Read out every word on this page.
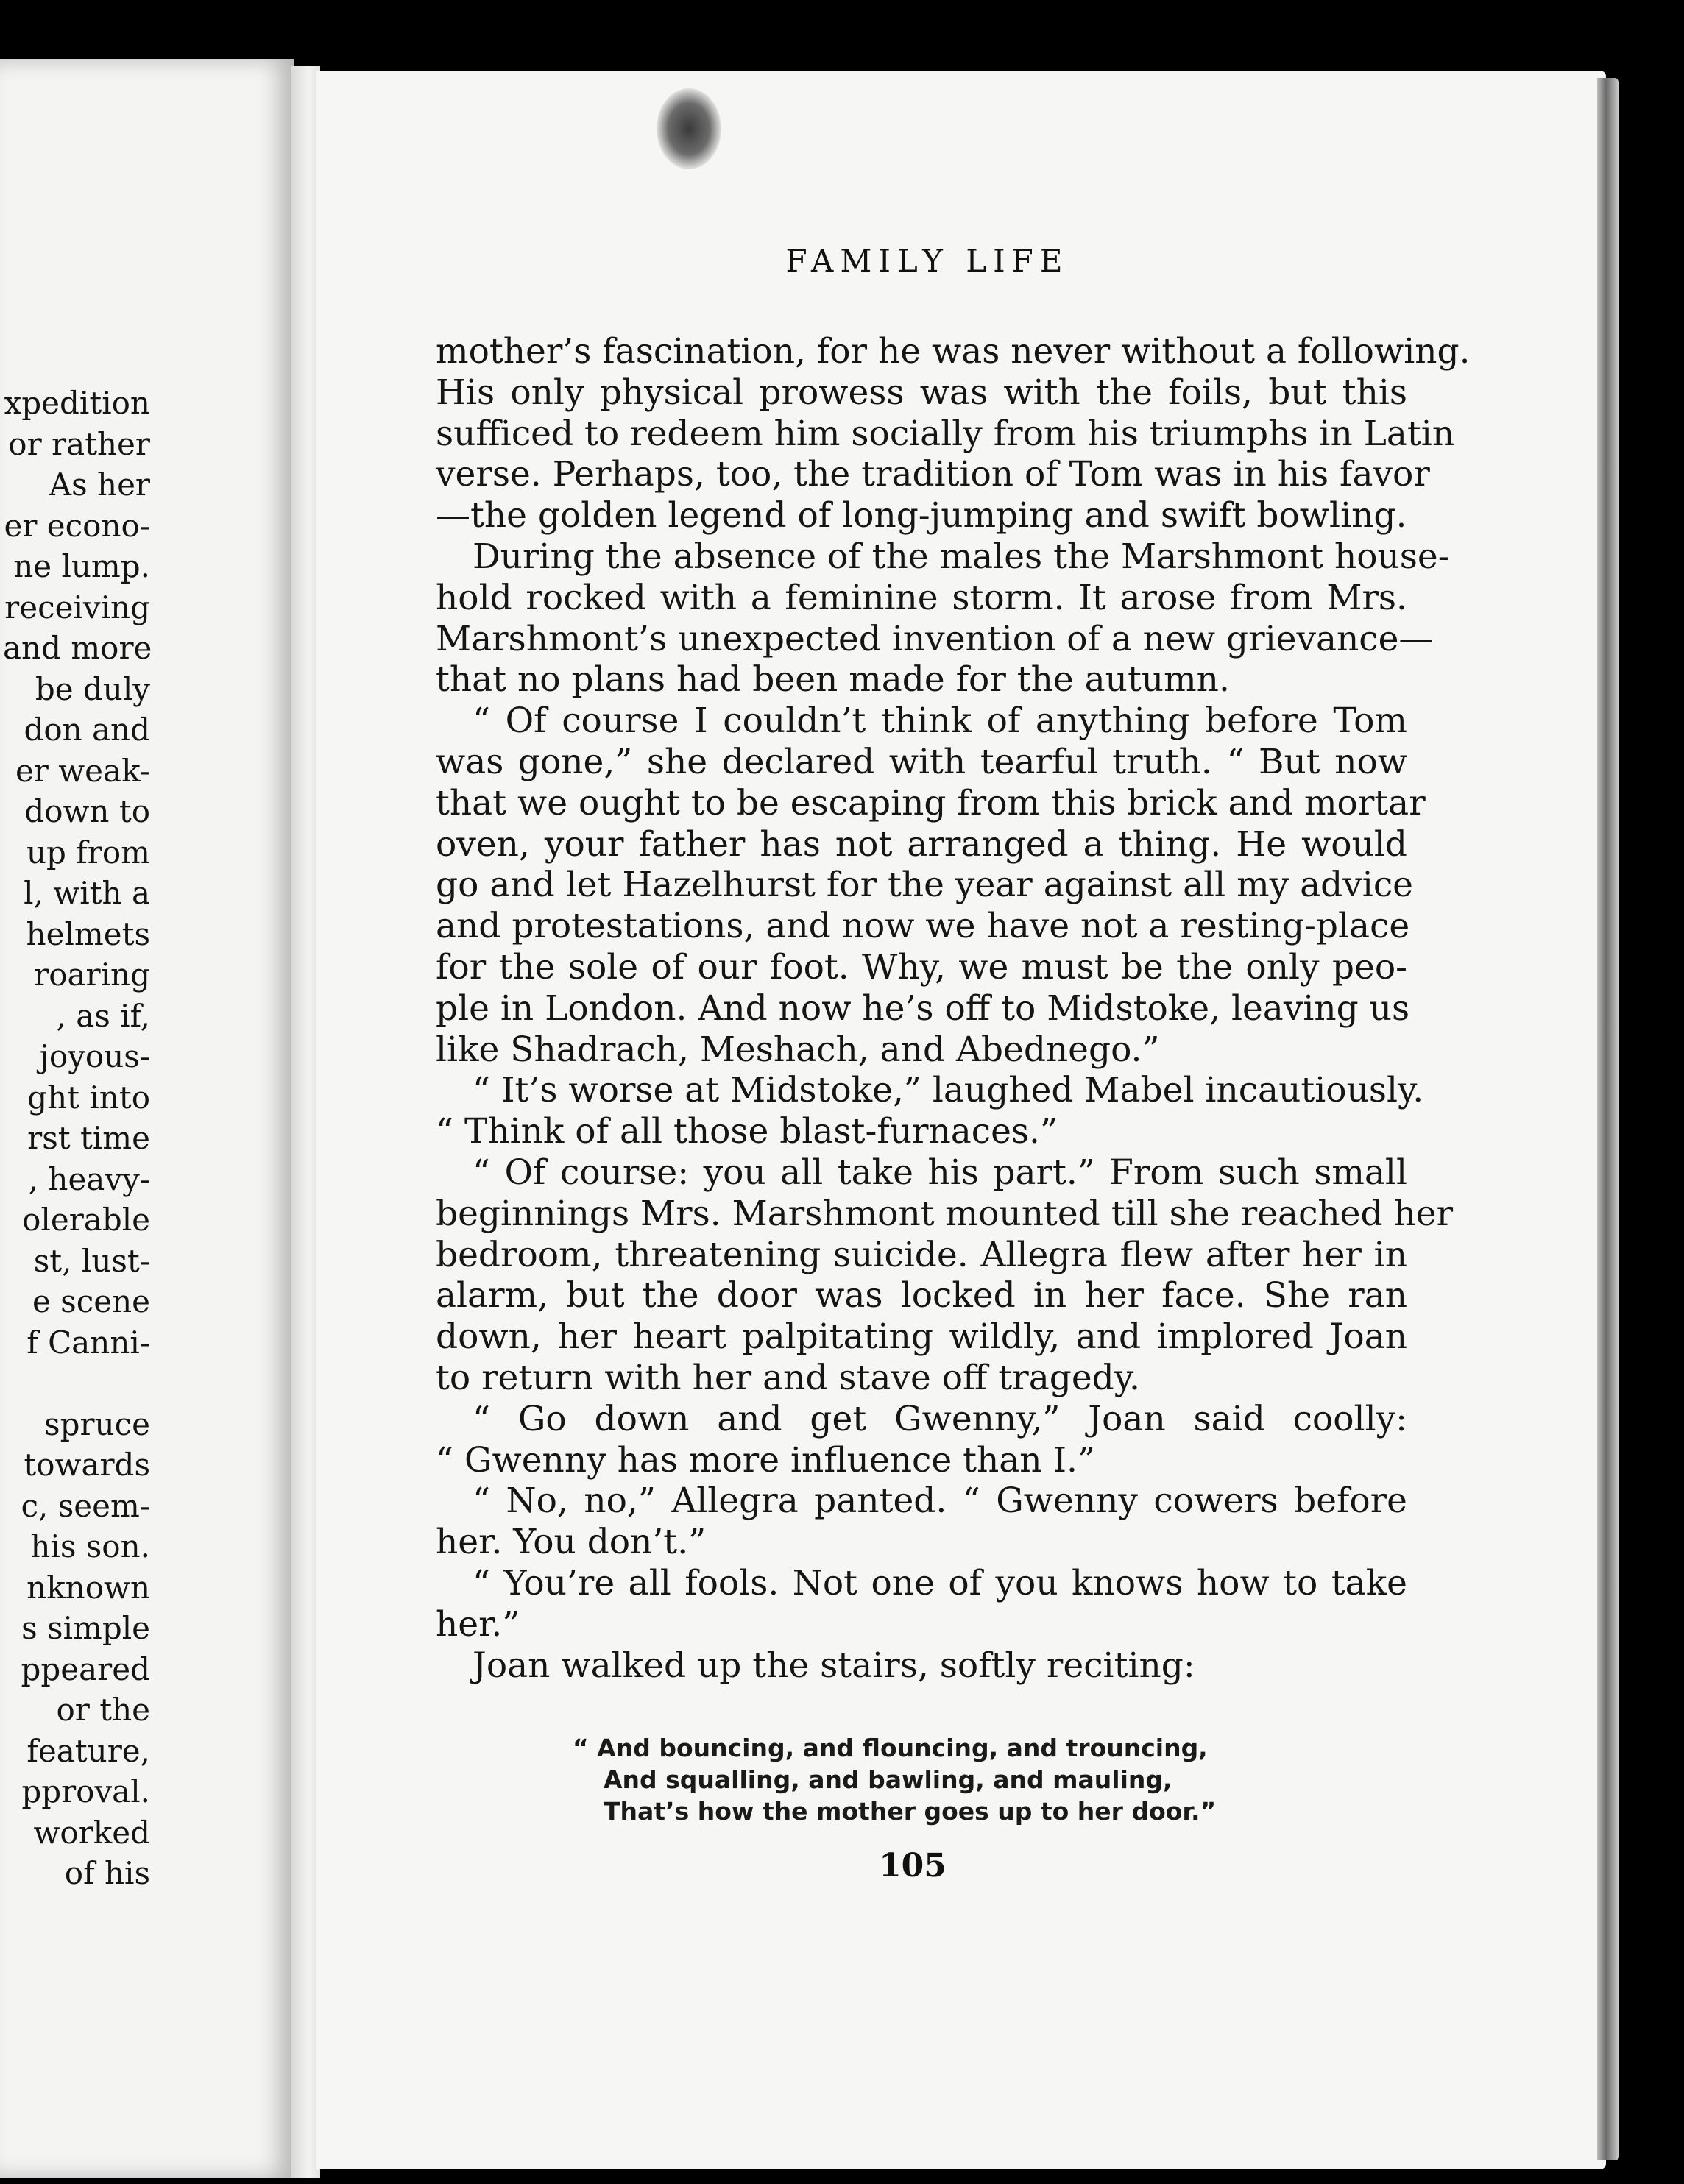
xpedition
or rather
As her
er econo-
ne lump.
receiving
and more
be duly
don and
er weak-
down to
up from
l, with a
helmets
roaring
, as if,
joyous-
ght into
rst time
, heavy-
olerable
st, lust-
e scene
f Canni-

spruce
towards
c, seem-
his son.
nknown
s simple
ppeared
or the
feature,
pproval.
worked
of his
FAMILY LIFE
mother’s fascination, for he was never without a following.
His only physical prowess was with the foils, but this
sufficed to redeem him socially from his triumphs in Latin
verse. Perhaps, too, the tradition of Tom was in his favor
—the golden legend of long-jumping and swift bowling.
During the absence of the males the Marshmont house-
hold rocked with a feminine storm. It arose from Mrs.
Marshmont’s unexpected invention of a new grievance—
that no plans had been made for the autumn.
“ Of course I couldn’t think of anything before Tom
was gone,” she declared with tearful truth. “ But now
that we ought to be escaping from this brick and mortar
oven, your father has not arranged a thing. He would
go and let Hazelhurst for the year against all my advice
and protestations, and now we have not a resting-place
for the sole of our foot. Why, we must be the only peo-
ple in London. And now he’s off to Midstoke, leaving us
like Shadrach, Meshach, and Abednego.”
“ It’s worse at Midstoke,” laughed Mabel incautiously.
“ Think of all those blast-furnaces.”
“ Of course: you all take his part.” From such small
beginnings Mrs. Marshmont mounted till she reached her
bedroom, threatening suicide. Allegra flew after her in
alarm, but the door was locked in her face. She ran
down, her heart palpitating wildly, and implored Joan
to return with her and stave off tragedy.
“ Go down and get Gwenny,” Joan said coolly:
“ Gwenny has more influence than I.”
“ No, no,” Allegra panted. “ Gwenny cowers before
her. You don’t.”
“ You’re all fools. Not one of you knows how to take
her.”
Joan walked up the stairs, softly reciting:
“ And bouncing, and flouncing, and trouncing,
And squalling, and bawling, and mauling,
That’s how the mother goes up to her door.”
105
